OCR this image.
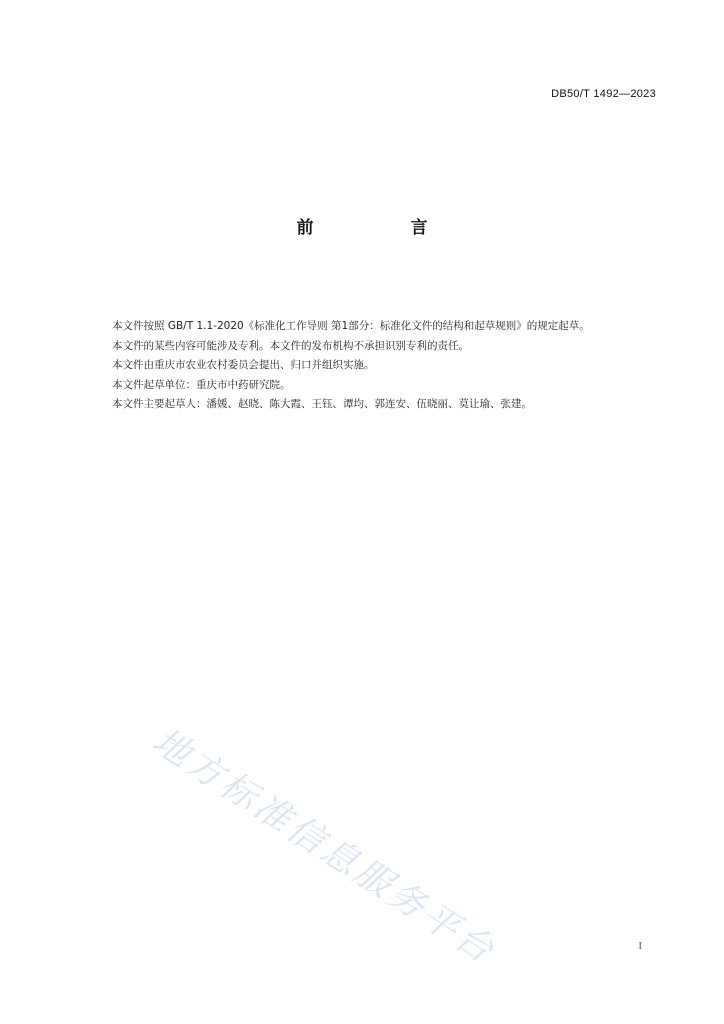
DB50/T 1492—2023
前　言

本文件按照 GB/T 1.1-2020《标准化工作导则 第1部分：标准化文件的结构和起草规则》的规定起草。

本文件的某些内容可能涉及专利。本文件的发布机构不承担识别专利的责任。

本文件由重庆市农业农村委员会提出、归口并组织实施。

本文件起草单位：重庆市中药研究院。

本文件主要起草人：潘媛、赵晓、陈大霞、王钰、谭均、郭连安、伍晓丽、莫让瑜、张建。

地方标准信息服务平台	I
